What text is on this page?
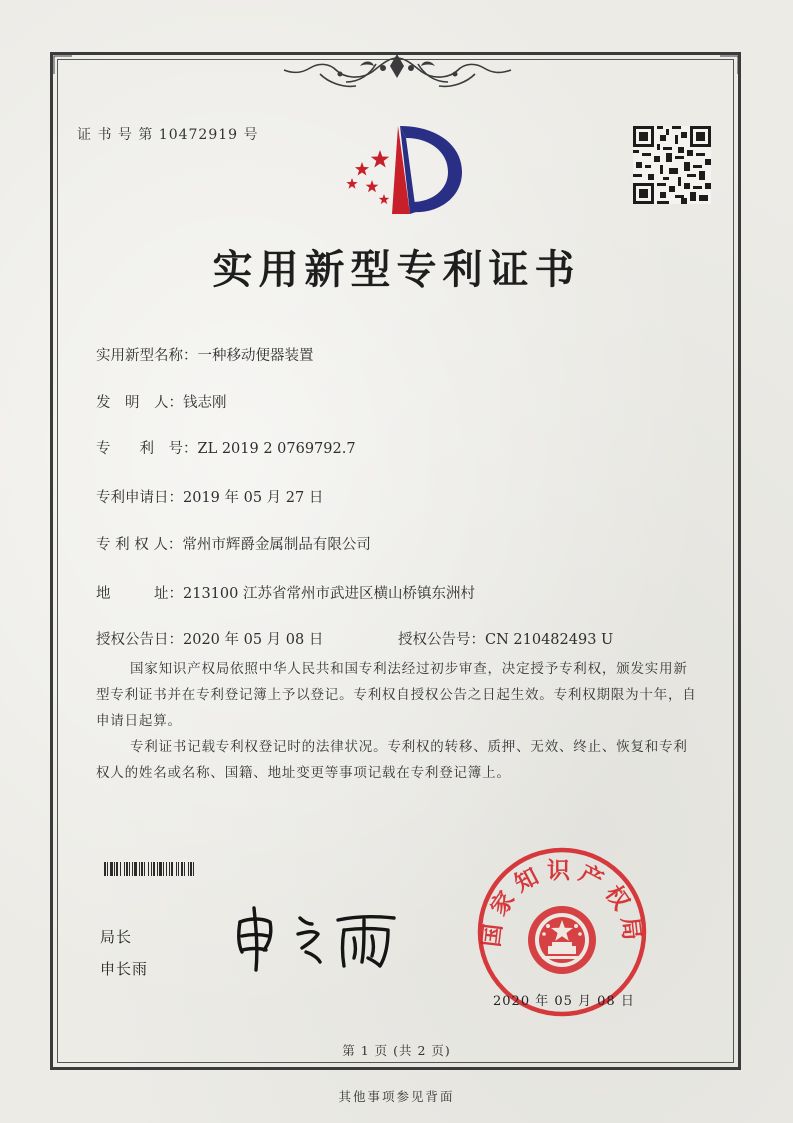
证 书 号 第 10472919 号
实用新型专利证书
实用新型名称：一种移动便器装置
发　明　人：钱志刚
专　　利　号：ZL 2019 2 0769792.7
专利申请日：2019 年 05 月 27 日
专 利 权 人：常州市辉爵金属制品有限公司
地　　　址：213100 江苏省常州市武进区横山桥镇东洲村
授权公告日：2020 年 05 月 08 日	授权公告号：CN 210482493 U
国家知识产权局依照中华人民共和国专利法经过初步审查，决定授予专利权，颁发实用新型专利证书并在专利登记簿上予以登记。专利权自授权公告之日起生效。专利权期限为十年，自申请日起算。
专利证书记载专利权登记时的法律状况。专利权的转移、质押、无效、终止、恢复和专利权人的姓名或名称、国籍、地址变更等事项记载在专利登记簿上。
局长
申长雨
国家知识产权局
2020 年 05 月 08 日
第 1 页 (共 2 页)
其他事项参见背面
